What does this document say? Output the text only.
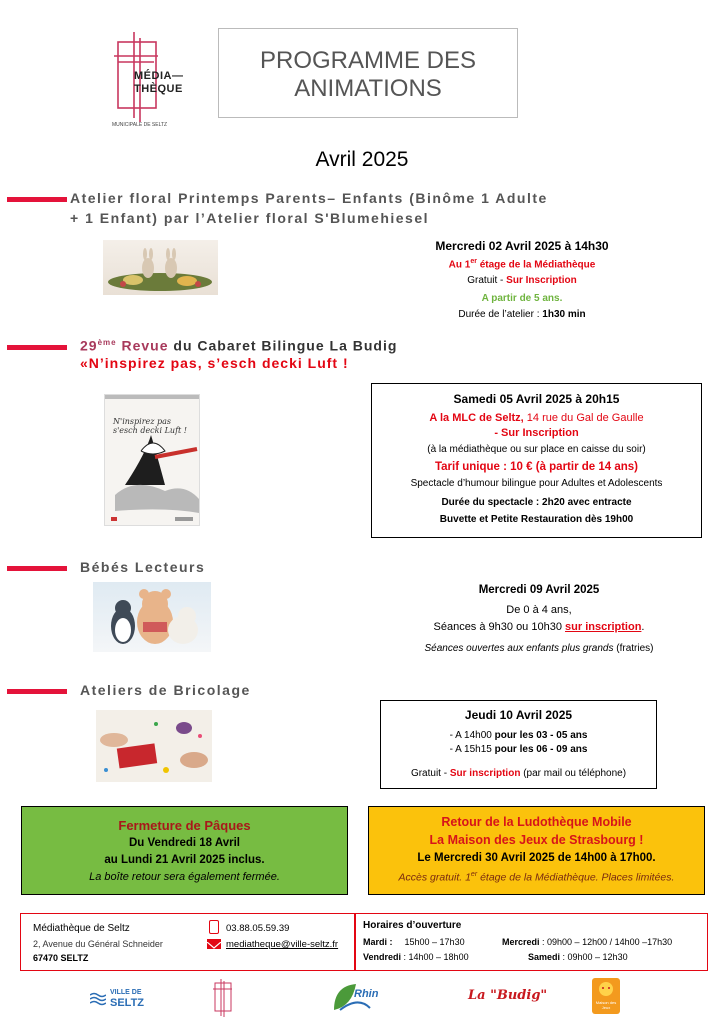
MÉDIA—
THÈQUE
MUNICIPALE DE SELTZ
PROGRAMME DES
ANIMATIONS
Avril 2025
Atelier floral Printemps Parents– Enfants (Binôme 1 Adulte
+ 1 Enfant) par l’Atelier floral S'Blumehiesel
Mercredi 02 Avril 2025 à 14h30
Au 1er étage de la Médiathèque
Gratuit - Sur Inscription
A partir de 5 ans.
Durée de l’atelier : 1h30 min
29ème Revue du Cabaret Bilingue La Budig
«N’inspirez pas, s’esch decki Luft !
N'inspirez pas s'esch decki Luft !
Samedi 05 Avril 2025 à 20h15
A la MLC de Seltz, 14 rue du Gal de Gaulle
- Sur Inscription
(à la médiathèque ou sur place en caisse du soir)
Tarif unique : 10 € (à partir de 14 ans)
Spectacle d’humour bilingue pour Adultes et Adolescents
Durée du spectacle : 2h20 avec entracte
Buvette et Petite Restauration dès 19h00
Bébés Lecteurs
Mercredi 09 Avril 2025
De 0 à 4 ans,
Séances à 9h30 ou 10h30 sur inscription.
Séances ouvertes aux enfants plus grands (fratries)
Ateliers de Bricolage
Jeudi 10 Avril 2025
- A 14h00 pour les 03 - 05 ans
- A 15h15 pour les 06 - 09 ans
Gratuit - Sur inscription (par mail ou téléphone)
Fermeture de Pâques
Du Vendredi 18 Avril
au Lundi 21 Avril 2025 inclus.
La boîte retour sera également fermée.
Retour de la Ludothèque Mobile
La Maison des Jeux de Strasbourg !
Le Mercredi 30 Avril 2025 de 14h00 à 17h00.
Accès gratuit. 1er étage de la Médiathèque. Places limitées.
Médiathèque de Seltz
2, Avenue du Général Schneider
67470 SELTZ
03.88.05.59.39
mediatheque@ville-seltz.fr
Horaires d’ouverture
Mardi : 15h00 – 17h30
Vendredi : 14h00 – 18h00
Mercredi : 09h00 – 12h00 / 14h00 –17h30
Samedi : 09h00 – 12h30
VILLE DE
SELTZ
Rhin	La "Budig"	Maison des Jeux
